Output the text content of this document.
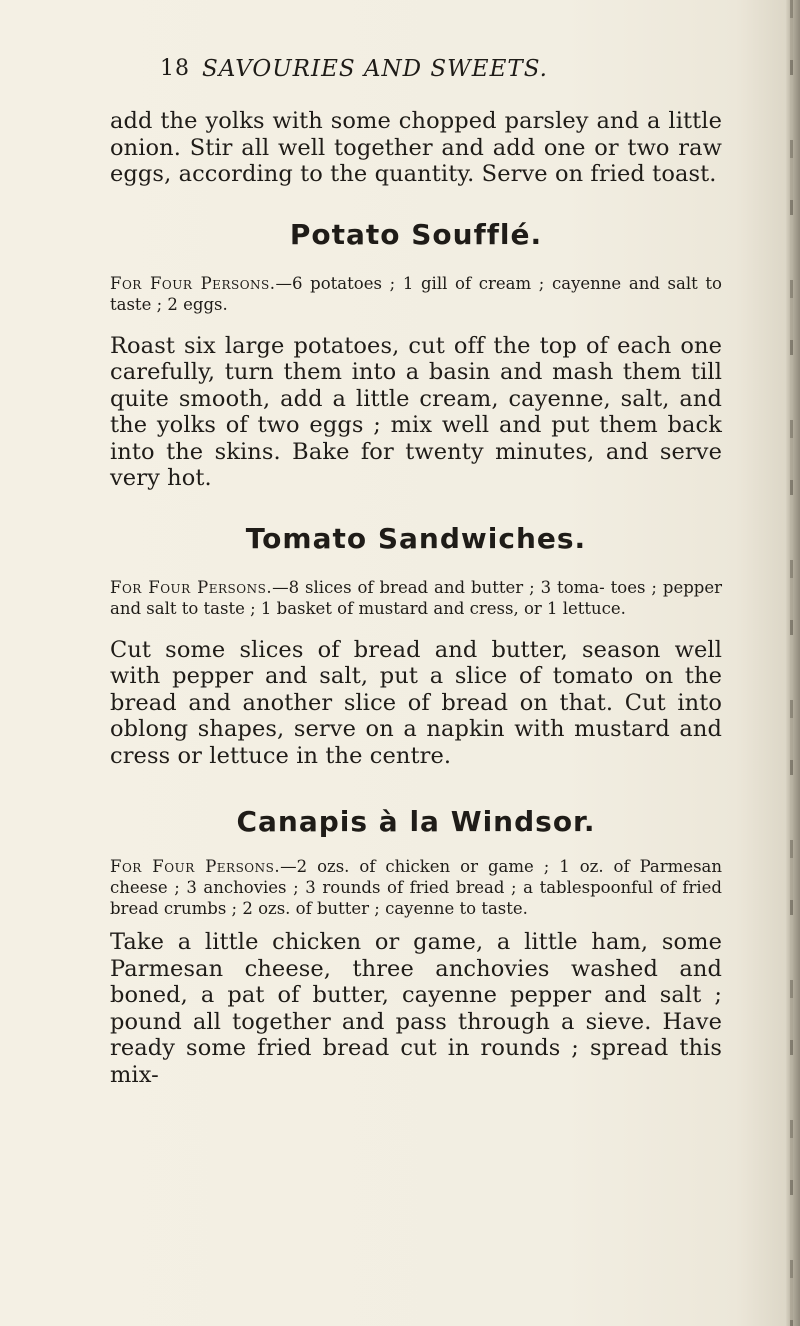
18 SAVOURIES AND SWEETS.

add the yolks with some chopped parsley and a little onion. Stir all well together and add one or two raw eggs, according to the quantity. Serve on fried toast.

Potato Soufflé.

For Four Persons.—6 potatoes ; 1 gill of cream ; cayenne and salt to taste ; 2 eggs.

Roast six large potatoes, cut off the top of each one carefully, turn them into a basin and mash them till quite smooth, add a little cream, cayenne, salt, and the yolks of two eggs ; mix well and put them back into the skins. Bake for twenty minutes, and serve very hot.

Tomato Sandwiches.

For Four Persons.—8 slices of bread and butter ; 3 toma- toes ; pepper and salt to taste ; 1 basket of mustard and cress, or 1 lettuce.

Cut some slices of bread and butter, season well with pepper and salt, put a slice of tomato on the bread and another slice of bread on that. Cut into oblong shapes, serve on a napkin with mustard and cress or lettuce in the centre.

Canapis à la Windsor.

For Four Persons.—2 ozs. of chicken or game ; 1 oz. of Parmesan cheese ; 3 anchovies ; 3 rounds of fried bread ; a tablespoonful of fried bread crumbs ; 2 ozs. of butter ; cayenne to taste.

Take a little chicken or game, a little ham, some Parmesan cheese, three anchovies washed and boned, a pat of butter, cayenne pepper and salt ; pound all together and pass through a sieve. Have ready some fried bread cut in rounds ; spread this mix-
